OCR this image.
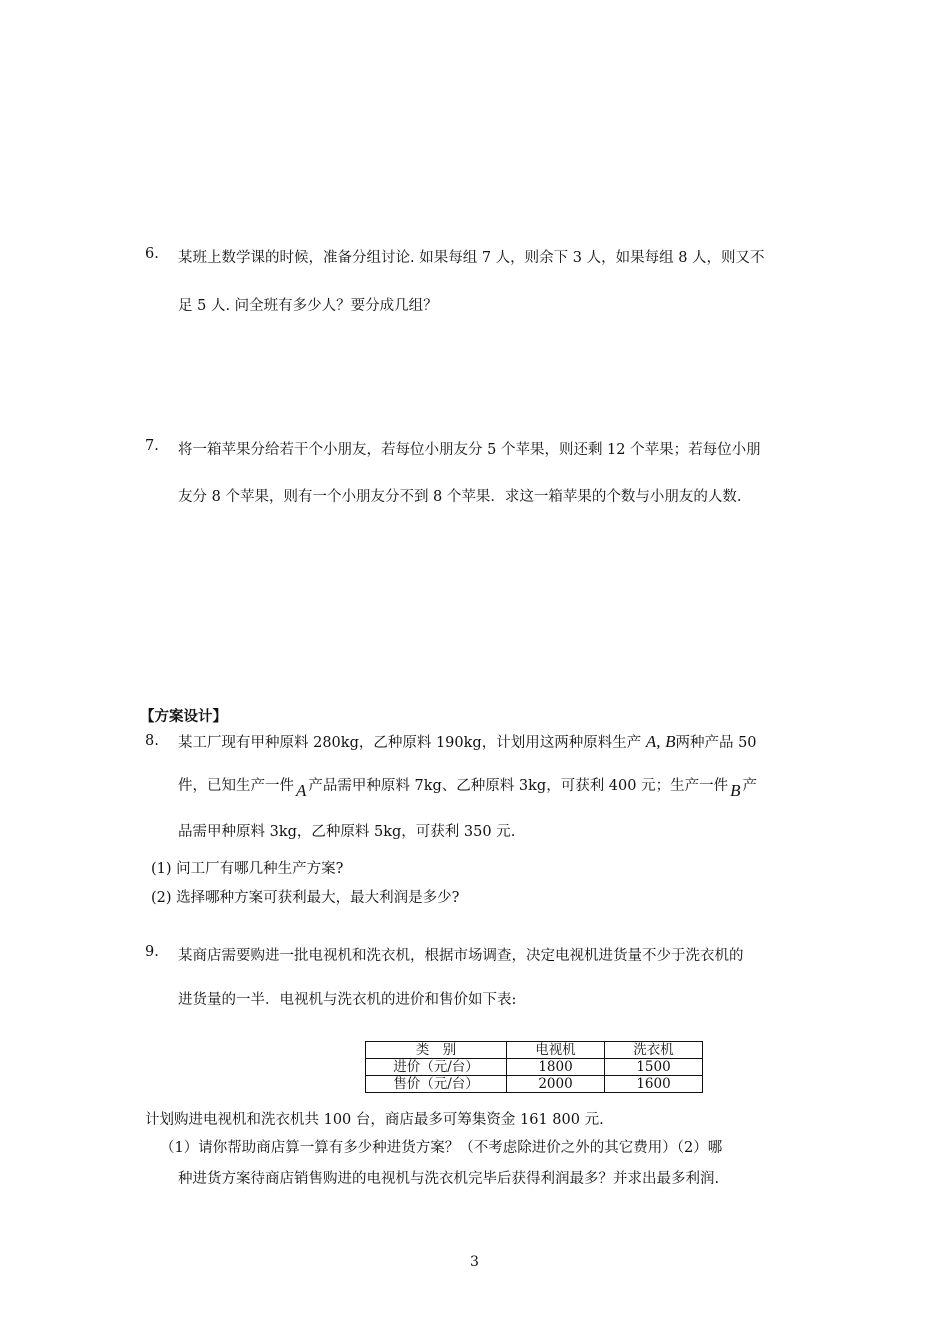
6. 某班上数学课的时候，准备分组讨论. 如果每组 7 人，则余下 3 人，如果每组 8 人，则又不
足 5 人. 问全班有多少人？要分成几组？
7. 将一箱苹果分给若干个小朋友，若每位小朋友分 5 个苹果，则还剩 12 个苹果；若每位小朋
友分 8 个苹果，则有一个小朋友分不到 8 个苹果．求这一箱苹果的个数与小朋友的人数.
【方案设计】
8. 某工厂现有甲种原料 280kg，乙种原料 190kg，计划用这两种原料生产 A, B两种产品 50
件，已知生产一件 A 产品需甲种原料 7kg、乙种原料 3kg，可获利 400 元；生产一件 B 产
品需甲种原料 3kg，乙种原料 5kg，可获利 350 元.
(1) 问工厂有哪几种生产方案?
(2) 选择哪种方案可获利最大，最大利润是多少?
9. 某商店需要购进一批电视机和洗衣机，根据市场调查，决定电视机进货量不少于洗衣机的
进货量的一半．电视机与洗衣机的进价和售价如下表:
类　别	电视机	洗衣机
进价（元/台）	1800	1500
售价（元/台）	2000	1600
计划购进电视机和洗衣机共 100 台，商店最多可筹集资金 161 800 元.
（1）请你帮助商店算一算有多少种进货方案？（不考虑除进价之外的其它费用）（2）哪
种进货方案待商店销售购进的电视机与洗衣机完毕后获得利润最多？并求出最多利润.
3
